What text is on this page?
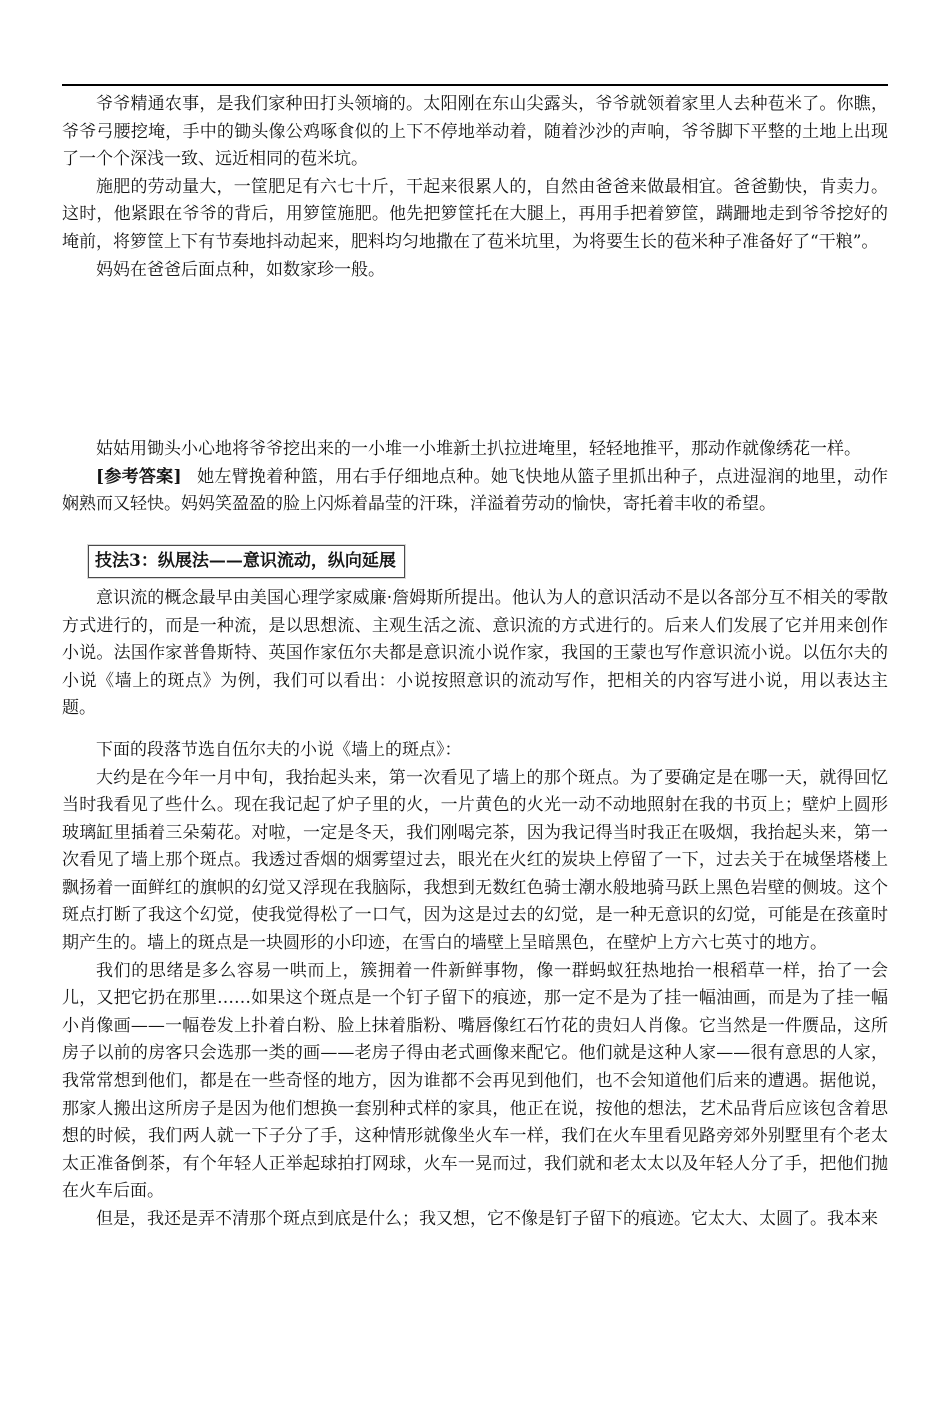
爷爷精通农事，是我们家种田打头领墒的。太阳刚在东山尖露头，爷爷就领着家里人去种苞米了。你瞧，爷爷弓腰挖埯，手中的锄头像公鸡啄食似的上下不停地举动着，随着沙沙的声响，爷爷脚下平整的土地上出现了一个个深浅一致、远近相同的苞米坑。

施肥的劳动量大，一筐肥足有六七十斤，干起来很累人的，自然由爸爸来做最相宜。爸爸勤快，肯卖力。这时，他紧跟在爷爷的背后，用箩筐施肥。他先把箩筐托在大腿上，再用手把着箩筐，蹒跚地走到爷爷挖好的埯前，将箩筐上下有节奏地抖动起来，肥料均匀地撒在了苞米坑里，为将要生长的苞米种子准备好了“干粮”。

妈妈在爸爸后面点种，如数家珍一般。

姑姑用锄头小心地将爷爷挖出来的一小堆一小堆新土扒拉进埯里，轻轻地推平，那动作就像绣花一样。

[参考答案] 她左臂挽着种篮，用右手仔细地点种。她飞快地从篮子里抓出种子，点进湿润的地里，动作娴熟而又轻快。妈妈笑盈盈的脸上闪烁着晶莹的汗珠，洋溢着劳动的愉快，寄托着丰收的希望。

技法3：纵展法——意识流动，纵向延展

意识流的概念最早由美国心理学家威廉·詹姆斯所提出。他认为人的意识活动不是以各部分互不相关的零散方式进行的，而是一种流，是以思想流、主观生活之流、意识流的方式进行的。后来人们发展了它并用来创作小说。法国作家普鲁斯特、英国作家伍尔夫都是意识流小说作家，我国的王蒙也写作意识流小说。以伍尔夫的小说《墙上的斑点》为例，我们可以看出：小说按照意识的流动写作，把相关的内容写进小说，用以表达主题。

下面的段落节选自伍尔夫的小说《墙上的斑点》：

大约是在今年一月中旬，我抬起头来，第一次看见了墙上的那个斑点。为了要确定是在哪一天，就得回忆当时我看见了些什么。现在我记起了炉子里的火，一片黄色的火光一动不动地照射在我的书页上；壁炉上圆形玻璃缸里插着三朵菊花。对啦，一定是冬天，我们刚喝完茶，因为我记得当时我正在吸烟，我抬起头来，第一次看见了墙上那个斑点。我透过香烟的烟雾望过去，眼光在火红的炭块上停留了一下，过去关于在城堡塔楼上飘扬着一面鲜红的旗帜的幻觉又浮现在我脑际，我想到无数红色骑士潮水般地骑马跃上黑色岩壁的侧坡。这个斑点打断了我这个幻觉，使我觉得松了一口气，因为这是过去的幻觉，是一种无意识的幻觉，可能是在孩童时期产生的。墙上的斑点是一块圆形的小印迹，在雪白的墙壁上呈暗黑色，在壁炉上方六七英寸的地方。

我们的思绪是多么容易一哄而上，簇拥着一件新鲜事物，像一群蚂蚁狂热地抬一根稻草一样，抬了一会儿，又把它扔在那里……如果这个斑点是一个钉子留下的痕迹，那一定不是为了挂一幅油画，而是为了挂一幅小肖像画——一幅卷发上扑着白粉、脸上抹着脂粉、嘴唇像红石竹花的贵妇人肖像。它当然是一件赝品，这所房子以前的房客只会选那一类的画——老房子得由老式画像来配它。他们就是这种人家——很有意思的人家，我常常想到他们，都是在一些奇怪的地方，因为谁都不会再见到他们，也不会知道他们后来的遭遇。据他说，那家人搬出这所房子是因为他们想换一套别种式样的家具，他正在说，按他的想法，艺术品背后应该包含着思想的时候，我们两人就一下子分了手，这种情形就像坐火车一样，我们在火车里看见路旁郊外别墅里有个老太太正准备倒茶，有个年轻人正举起球拍打网球，火车一晃而过，我们就和老太太以及年轻人分了手，把他们抛在火车后面。

但是，我还是弄不清那个斑点到底是什么；我又想，它不像是钉子留下的痕迹。它太大、太圆了。我本来
